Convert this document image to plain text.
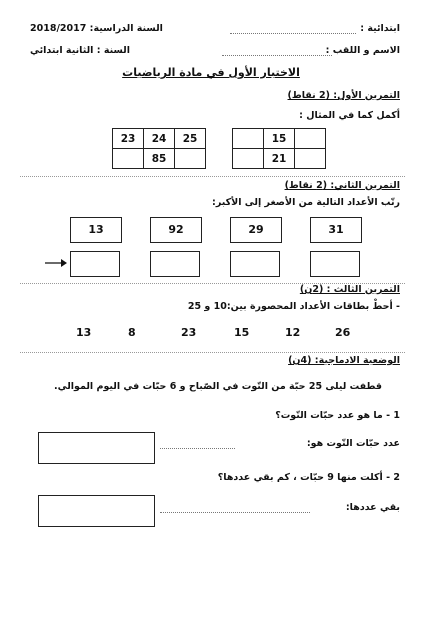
ابتدائية :
السنة الدراسية: 2018/2017
الاسم و اللقب :
السنة : الثانية ابتدائي
الاختبار الأول في مادة الرياضيات
التمرين الأول: (2 نقاط)
أكمل كما في المثال :
23	24	25
	85	
	15	
	21	
التمرين الثاني: (2 نقاط)
رتّب الأعداد التالية من الأصغر إلى الأكبر:
13	92	29	31
التمرين الثالث : (2ن)
- أحطْ بطاقات الأعداد المحصورة بين:10 و 25
13	8	23	15	12	26
الوضعية الادماجية: (4ن)
قطفت ليلى 25 حبّة من التّوت في الصّباح و 6 حبّات في اليوم الموالي.
1 - ما هو عدد حبّات التّوت؟
عدد حبّات التّوت هو:
2 - أكلت منها 9 حبّات ، كم بقي عددها؟
بقي عددها:
